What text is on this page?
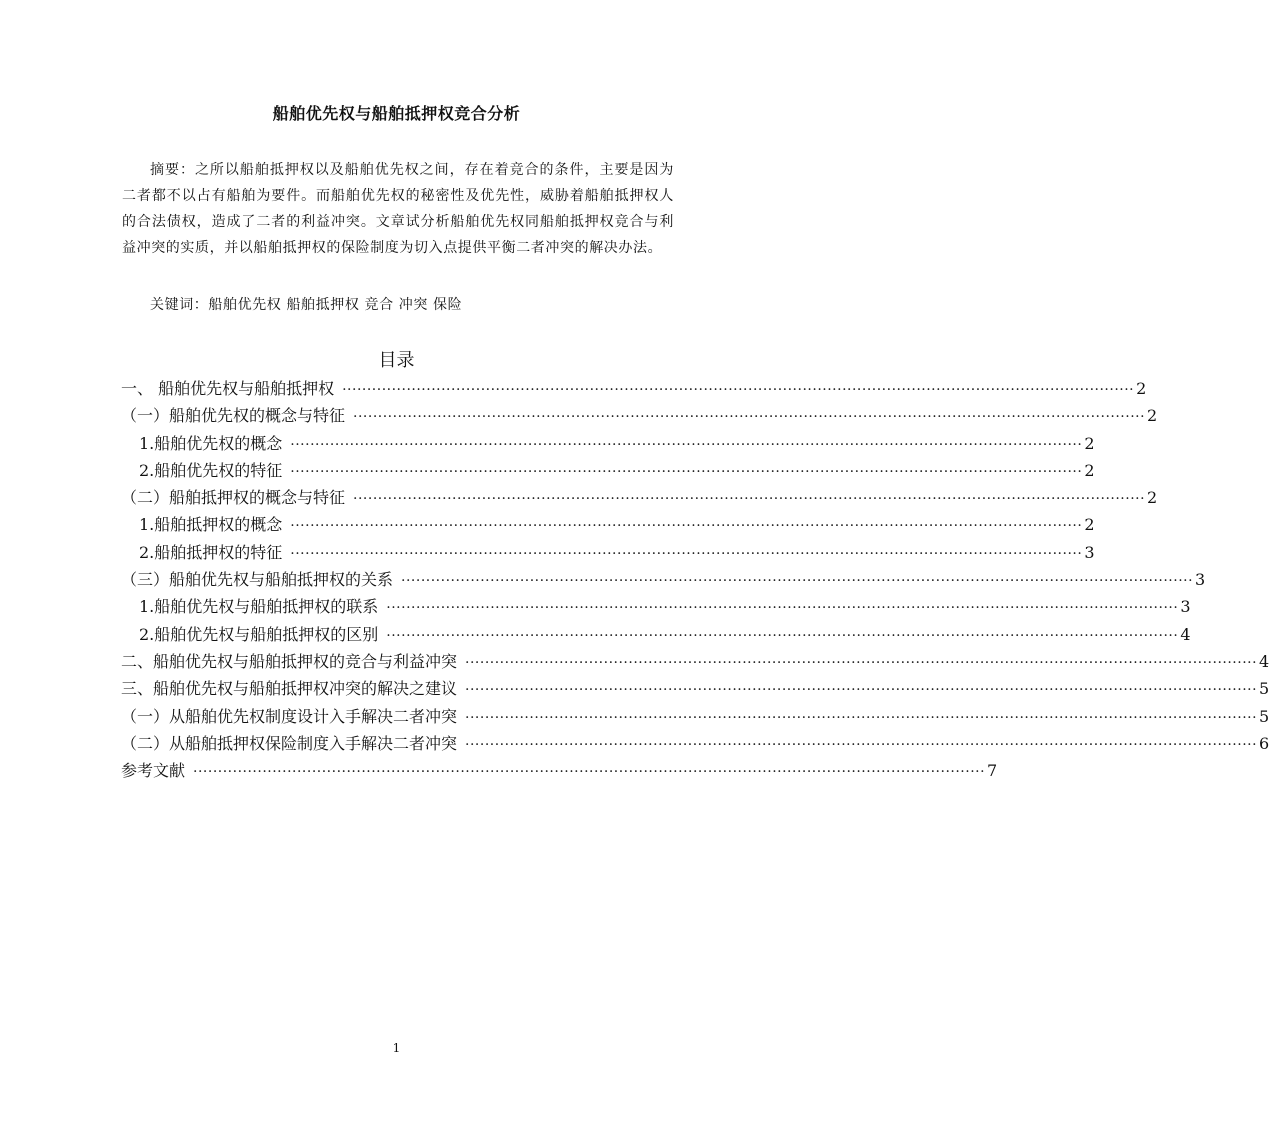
船舶优先权与船舶抵押权竞合分析
摘要：之所以船舶抵押权以及船舶优先权之间，存在着竞合的条件，主要是因为二者都不以占有船舶为要件。而船舶优先权的秘密性及优先性，威胁着船舶抵押权人的合法债权，造成了二者的利益冲突。文章试分析船舶优先权同船舶抵押权竞合与利益冲突的实质，并以船舶抵押权的保险制度为切入点提供平衡二者冲突的解决办法。
关键词：船舶优先权 船舶抵押权 竞合 冲突 保险
目录
一、 船舶优先权与船舶抵押权 ································································································································································ 2
（一）船舶优先权的概念与特征 ································································································································································ 2
1.船舶优先权的概念 ································································································································································ 2
2.船舶优先权的特征 ································································································································································ 2
（二）船舶抵押权的概念与特征 ································································································································································ 2
1.船舶抵押权的概念 ································································································································································ 2
2.船舶抵押权的特征 ································································································································································ 3
（三）船舶优先权与船舶抵押权的关系 ································································································································································ 3
1.船舶优先权与船舶抵押权的联系 ································································································································································ 3
2.船舶优先权与船舶抵押权的区别 ································································································································································ 4
二、船舶优先权与船舶抵押权的竞合与利益冲突 ································································································································································ 4
三、船舶优先权与船舶抵押权冲突的解决之建议 ································································································································································ 5
（一）从船舶优先权制度设计入手解决二者冲突 ································································································································································ 5
（二）从船舶抵押权保险制度入手解决二者冲突 ································································································································································ 6
参考文献 ································································································································································ 7
1
